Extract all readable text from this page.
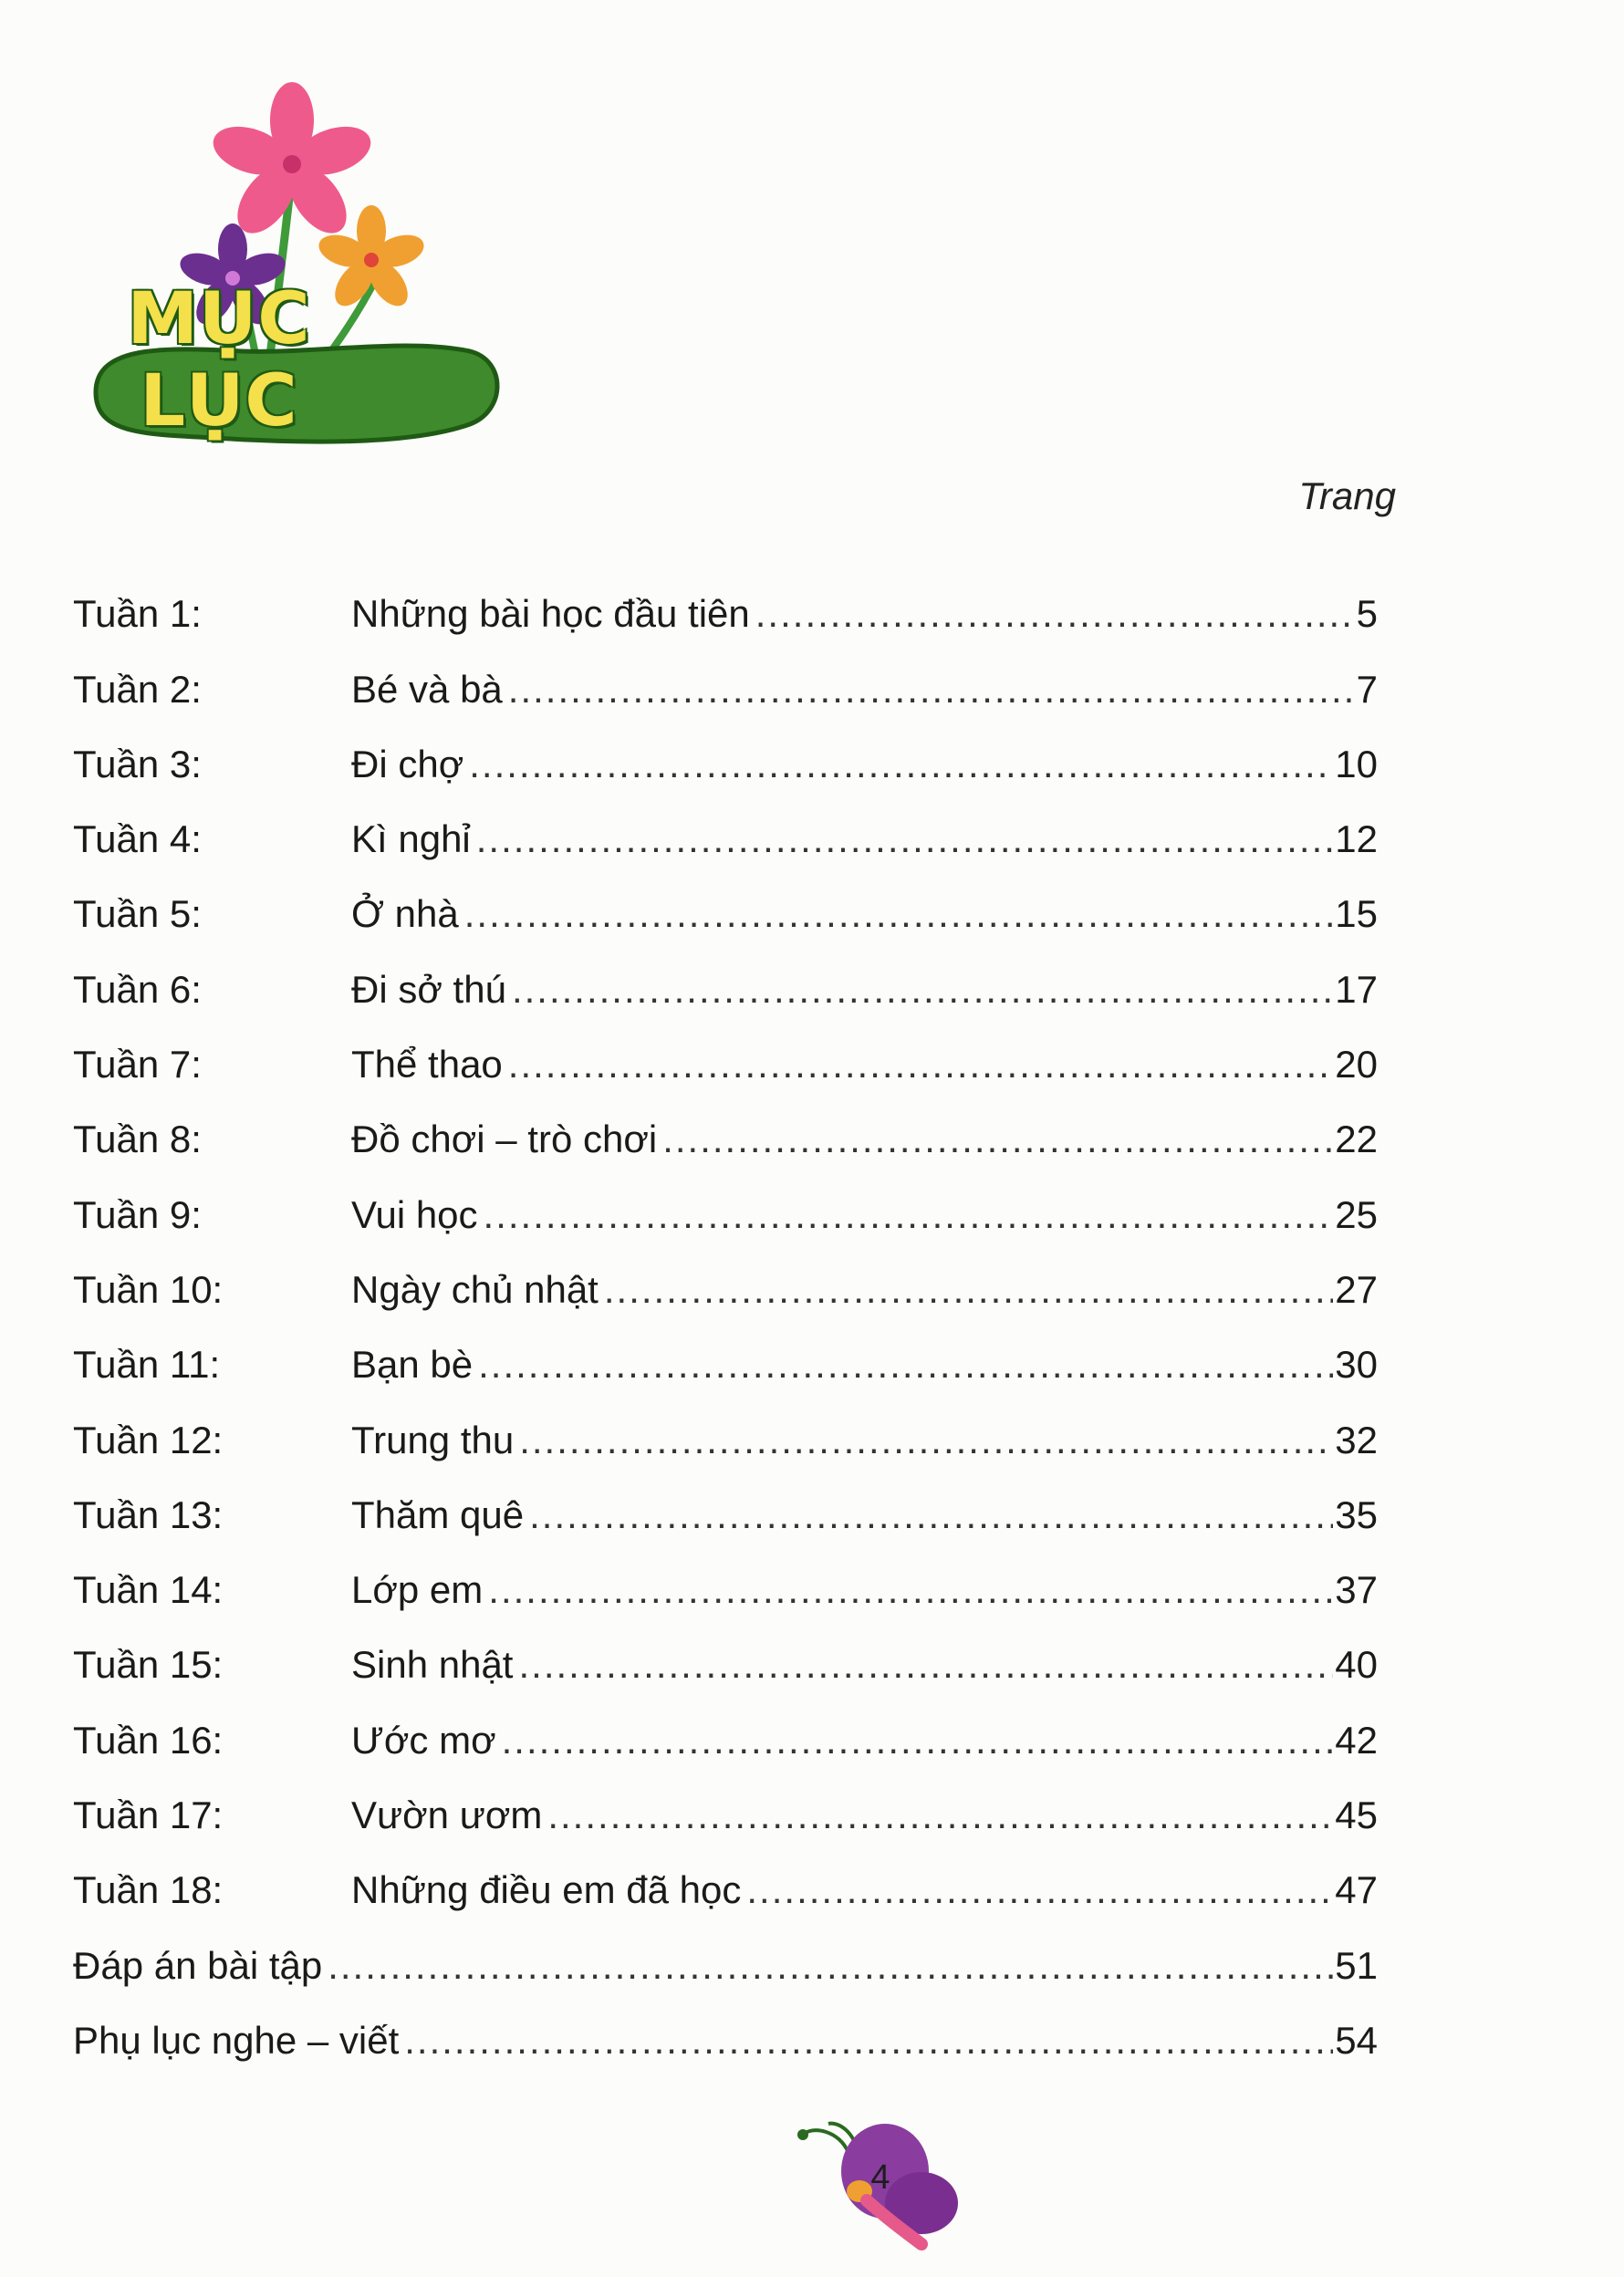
MỤC LỤC
Trang
Tuần 1:	Những bài học đầu tiên .....	5
Tuần 2:	Bé và bà .....	7
Tuần 3:	Đi chợ .....	10
Tuần 4:	Kì nghỉ .....	12
Tuần 5:	Ở nhà .....	15
Tuần 6:	Đi sở thú .....	17
Tuần 7:	Thể thao .....	20
Tuần 8:	Đồ chơi – trò chơi .....	22
Tuần 9:	Vui học .....	25
Tuần 10:	Ngày chủ nhật .....	27
Tuần 11:	Bạn bè .....	30
Tuần 12:	Trung thu .....	32
Tuần 13:	Thăm quê .....	35
Tuần 14:	Lớp em .....	37
Tuần 15:	Sinh nhật .....	40
Tuần 16:	Ước mơ .....	42
Tuần 17:	Vườn ươm .....	45
Tuần 18:	Những điều em đã học .....	47
Đáp án bài tập .....	51
Phụ lục nghe – viết .....	54
4
